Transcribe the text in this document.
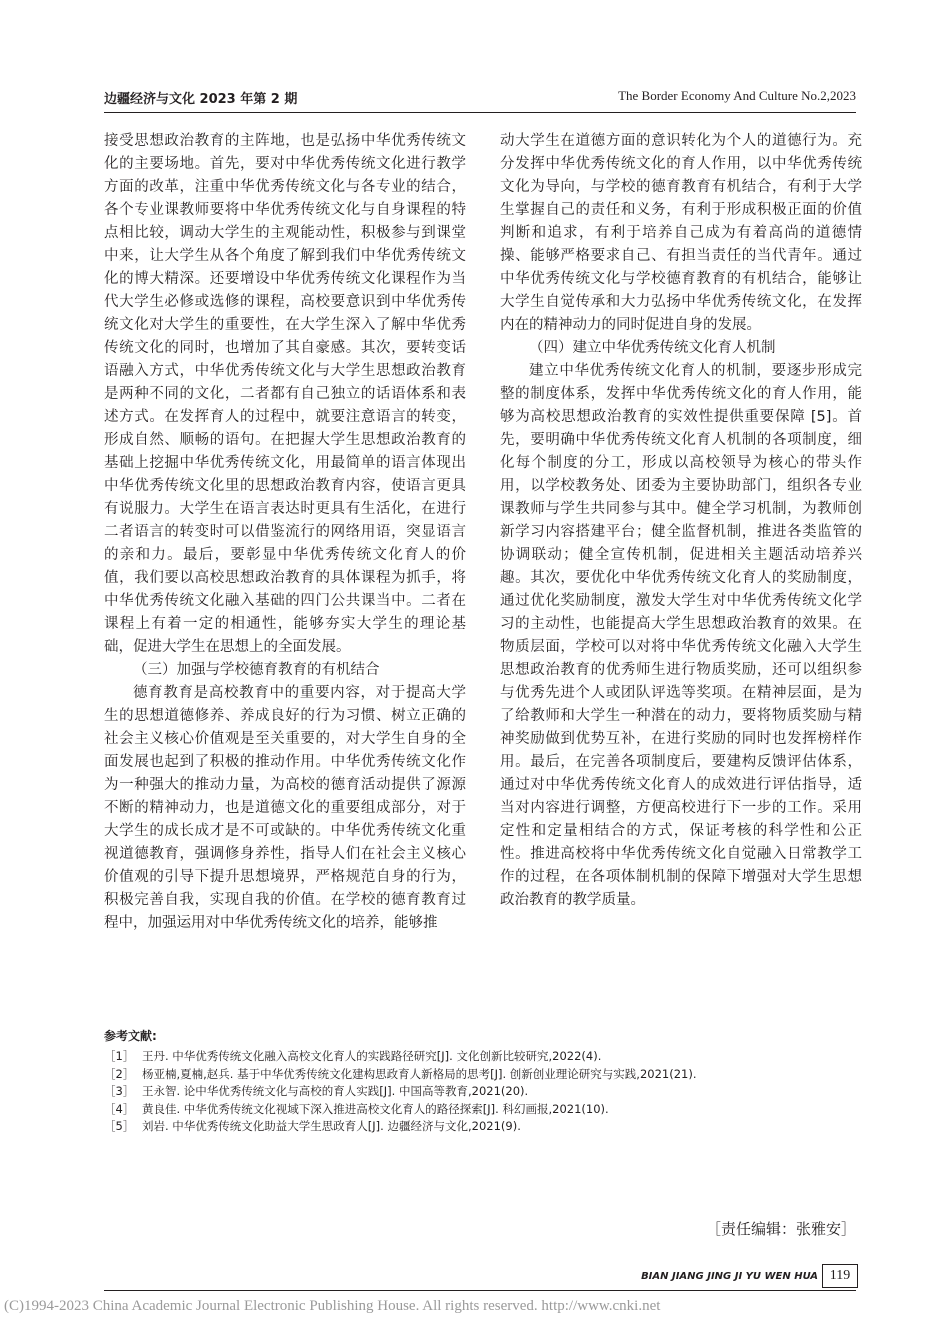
边疆经济与文化 2023 年第 2 期	The Border Economy And Culture No.2,2023

接受思想政治教育的主阵地，也是弘扬中华优秀传统文化的主要场地。首先，要对中华优秀传统文化进行教学方面的改革，注重中华优秀传统文化与各专业的结合，各个专业课教师要将中华优秀传统文化与自身课程的特点相比较，调动大学生的主观能动性，积极参与到课堂中来，让大学生从各个角度了解到我们中华优秀传统文化的博大精深。还要增设中华优秀传统文化课程作为当代大学生必修或选修的课程，高校要意识到中华优秀传统文化对大学生的重要性，在大学生深入了解中华优秀传统文化的同时，也增加了其自豪感。其次，要转变话语融入方式，中华优秀传统文化与大学生思想政治教育是两种不同的文化，二者都有自己独立的话语体系和表述方式。在发挥育人的过程中，就要注意语言的转变，形成自然、顺畅的语句。在把握大学生思想政治教育的基础上挖掘中华优秀传统文化，用最简单的语言体现出中华优秀传统文化里的思想政治教育内容，使语言更具有说服力。大学生在语言表达时更具有生活化，在进行二者语言的转变时可以借鉴流行的网络用语，突显语言的亲和力。最后，要彰显中华优秀传统文化育人的价值，我们要以高校思想政治教育的具体课程为抓手，将中华优秀传统文化融入基础的四门公共课当中。二者在课程上有着一定的相通性，能够夯实大学生的理论基础，促进大学生在思想上的全面发展。

（三）加强与学校德育教育的有机结合

德育教育是高校教育中的重要内容，对于提高大学生的思想道德修养、养成良好的行为习惯、树立正确的社会主义核心价值观是至关重要的，对大学生自身的全面发展也起到了积极的推动作用。中华优秀传统文化作为一种强大的推动力量，为高校的德育活动提供了源源不断的精神动力，也是道德文化的重要组成部分，对于大学生的成长成才是不可或缺的。中华优秀传统文化重视道德教育，强调修身养性，指导人们在社会主义核心价值观的引导下提升思想境界，严格规范自身的行为，积极完善自我，实现自我的价值。在学校的德育教育过程中，加强运用对中华优秀传统文化的培养，能够推

动大学生在道德方面的意识转化为个人的道德行为。充分发挥中华优秀传统文化的育人作用，以中华优秀传统文化为导向，与学校的德育教育有机结合，有利于大学生掌握自己的责任和义务，有利于形成积极正面的价值判断和追求，有利于培养自己成为有着高尚的道德情操、能够严格要求自己、有担当责任的当代青年。通过中华优秀传统文化与学校德育教育的有机结合，能够让大学生自觉传承和大力弘扬中华优秀传统文化，在发挥内在的精神动力的同时促进自身的发展。

（四）建立中华优秀传统文化育人机制

建立中华优秀传统文化育人的机制，要逐步形成完整的制度体系，发挥中华优秀传统文化的育人作用，能够为高校思想政治教育的实效性提供重要保障 [5]。首先，要明确中华优秀传统文化育人机制的各项制度，细化每个制度的分工，形成以高校领导为核心的带头作用，以学校教务处、团委为主要协助部门，组织各专业课教师与学生共同参与其中。健全学习机制，为教师创新学习内容搭建平台；健全监督机制，推进各类监管的协调联动；健全宣传机制，促进相关主题活动培养兴趣。其次，要优化中华优秀传统文化育人的奖励制度，通过优化奖励制度，激发大学生对中华优秀传统文化学习的主动性，也能提高大学生思想政治教育的效果。在物质层面，学校可以对将中华优秀传统文化融入大学生思想政治教育的优秀师生进行物质奖励，还可以组织参与优秀先进个人或团队评选等奖项。在精神层面，是为了给教师和大学生一种潜在的动力，要将物质奖励与精神奖励做到优势互补，在进行奖励的同时也发挥榜样作用。最后，在完善各项制度后，要建构反馈评估体系，通过对中华优秀传统文化育人的成效进行评估指导，适当对内容进行调整，方便高校进行下一步的工作。采用定性和定量相结合的方式，保证考核的科学性和公正性。推进高校将中华优秀传统文化自觉融入日常教学工作的过程，在各项体制机制的保障下增强对大学生思想政治教育的教学质量。

参考文献:
［1］ 王丹. 中华优秀传统文化融入高校文化育人的实践路径研究[J]. 文化创新比较研究,2022(4).
［2］ 杨亚楠,夏楠,赵兵. 基于中华优秀传统文化建构思政育人新格局的思考[J]. 创新创业理论研究与实践,2021(21).
［3］ 王永智. 论中华优秀传统文化与高校的育人实践[J]. 中国高等教育,2021(20).
［4］ 黄良佳. 中华优秀传统文化视域下深入推进高校文化育人的路径探索[J]. 科幻画报,2021(10).
［5］ 刘岩. 中华优秀传统文化助益大学生思政育人[J]. 边疆经济与文化,2021(9).
［责任编辑：张雅安］
BIAN JIANG JING JI YU WEN HUA 119
(C)1994-2023 China Academic Journal Electronic Publishing House. All rights reserved. http://www.cnki.net
